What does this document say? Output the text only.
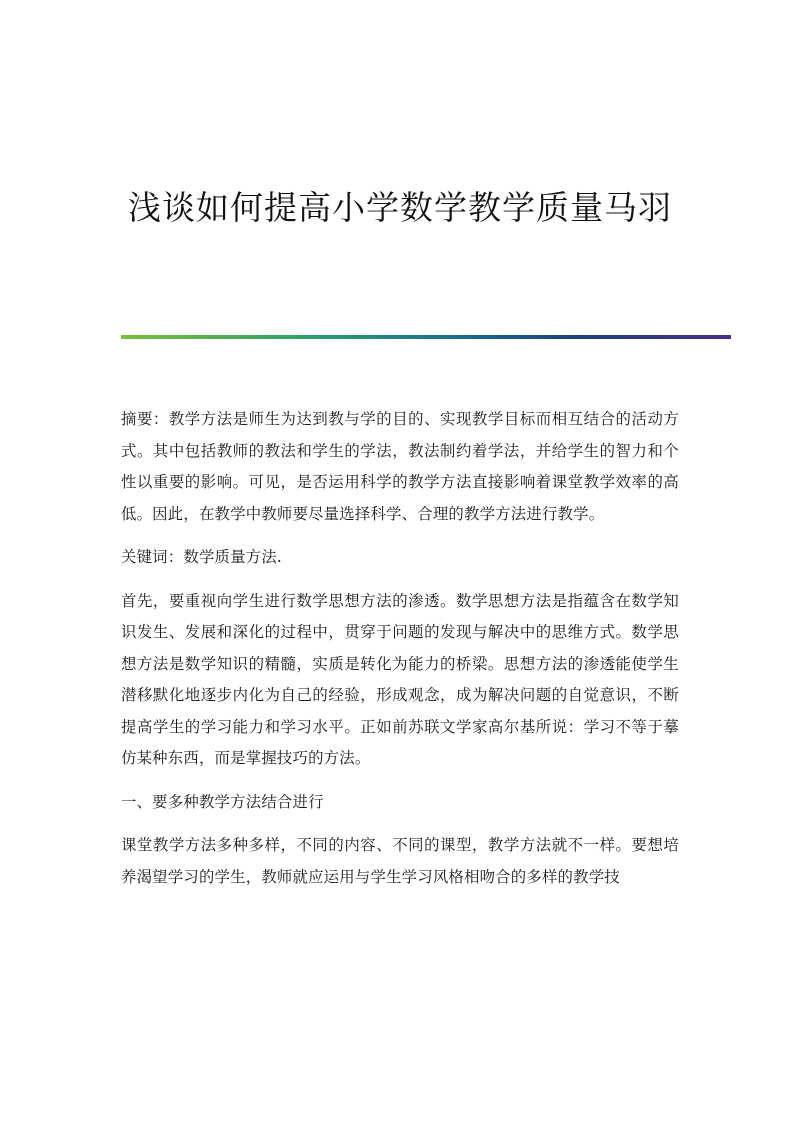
浅谈如何提高小学数学教学质量马羽

摘要：教学方法是师生为达到教与学的目的、实现教学目标而相互结合的活动方式。其中包括教师的教法和学生的学法，教法制约着学法，并给学生的智力和个性以重要的影响。可见，是否运用科学的教学方法直接影响着课堂教学效率的高低。因此，在教学中教师要尽量选择科学、合理的教学方法进行教学。

关键词：数学质量方法.

首先，要重视向学生进行数学思想方法的渗透。数学思想方法是指蕴含在数学知识发生、发展和深化的过程中，贯穿于问题的发现与解决中的思维方式。数学思想方法是数学知识的精髓，实质是转化为能力的桥梁。思想方法的渗透能使学生潜移默化地逐步内化为自己的经验，形成观念，成为解决问题的自觉意识，不断提高学生的学习能力和学习水平。正如前苏联文学家高尔基所说：学习不等于摹仿某种东西，而是掌握技巧的方法。

一、要多种教学方法结合进行

课堂教学方法多种多样，不同的内容、不同的课型，教学方法就不一样。要想培养渴望学习的学生，教师就应运用与学生学习风格相吻合的多样的教学技
